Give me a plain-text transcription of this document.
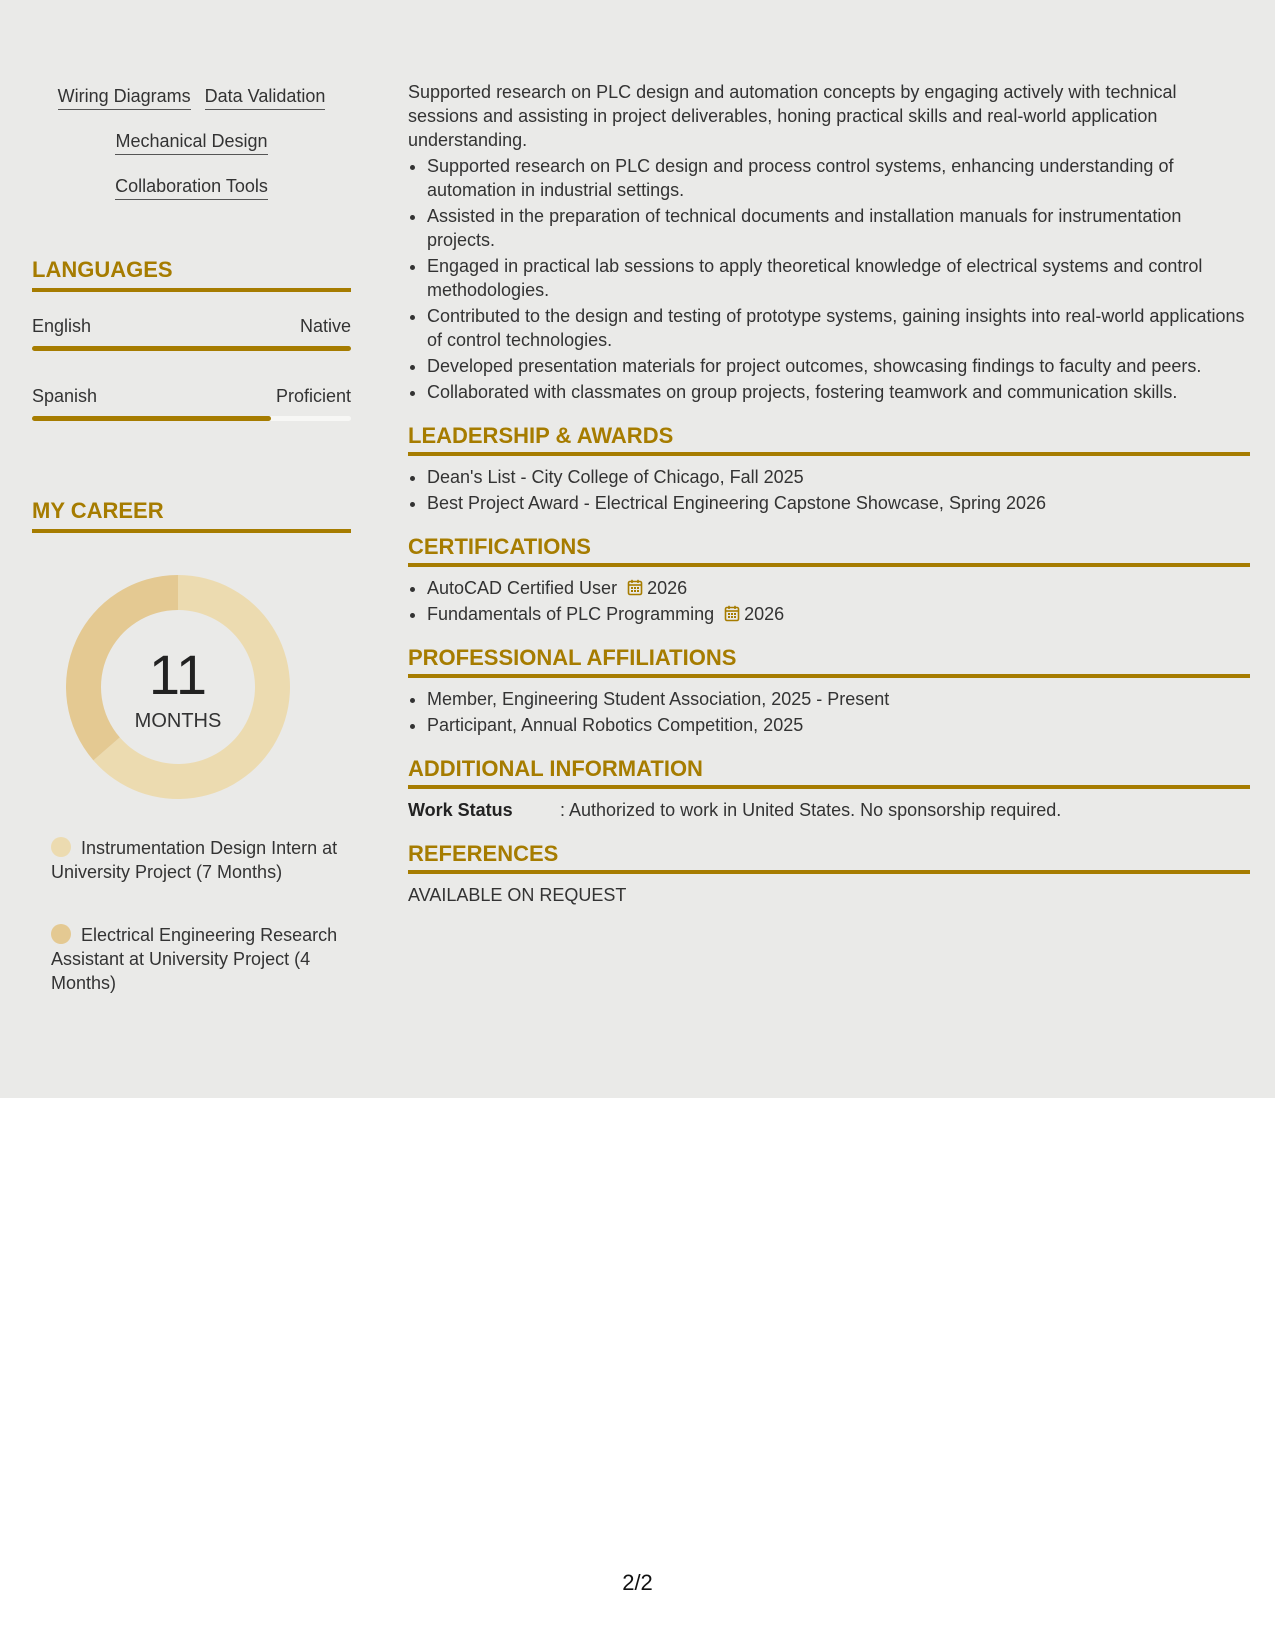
Wiring Diagrams Data Validation
Mechanical Design
Collaboration Tools
LANGUAGES
English	Native
Spanish	Proficient
MY CAREER
11
MONTHS
Instrumentation Design Intern at University Project (7 Months)
Electrical Engineering Research Assistant at University Project (4 Months)

Supported research on PLC design and automation concepts by engaging actively with technical sessions and assisting in project deliverables, honing practical skills and real-world application understanding.

• Supported research on PLC design and process control systems, enhancing understanding of automation in industrial settings.
• Assisted in the preparation of technical documents and installation manuals for instrumentation projects.
• Engaged in practical lab sessions to apply theoretical knowledge of electrical systems and control methodologies.
• Contributed to the design and testing of prototype systems, gaining insights into real-world applications of control technologies.
• Developed presentation materials for project outcomes, showcasing findings to faculty and peers.
• Collaborated with classmates on group projects, fostering teamwork and communication skills.
LEADERSHIP & AWARDS
• Dean's List - City College of Chicago, Fall 2025
• Best Project Award - Electrical Engineering Capstone Showcase, Spring 2026
CERTIFICATIONS
• AutoCAD Certified User 2026
• Fundamentals of PLC Programming 2026
PROFESSIONAL AFFILIATIONS
• Member, Engineering Student Association, 2025 - Present
• Participant, Annual Robotics Competition, 2025
ADDITIONAL INFORMATION
Work Status	: Authorized to work in United States. No sponsorship required.
REFERENCES
AVAILABLE ON REQUEST
2/2
